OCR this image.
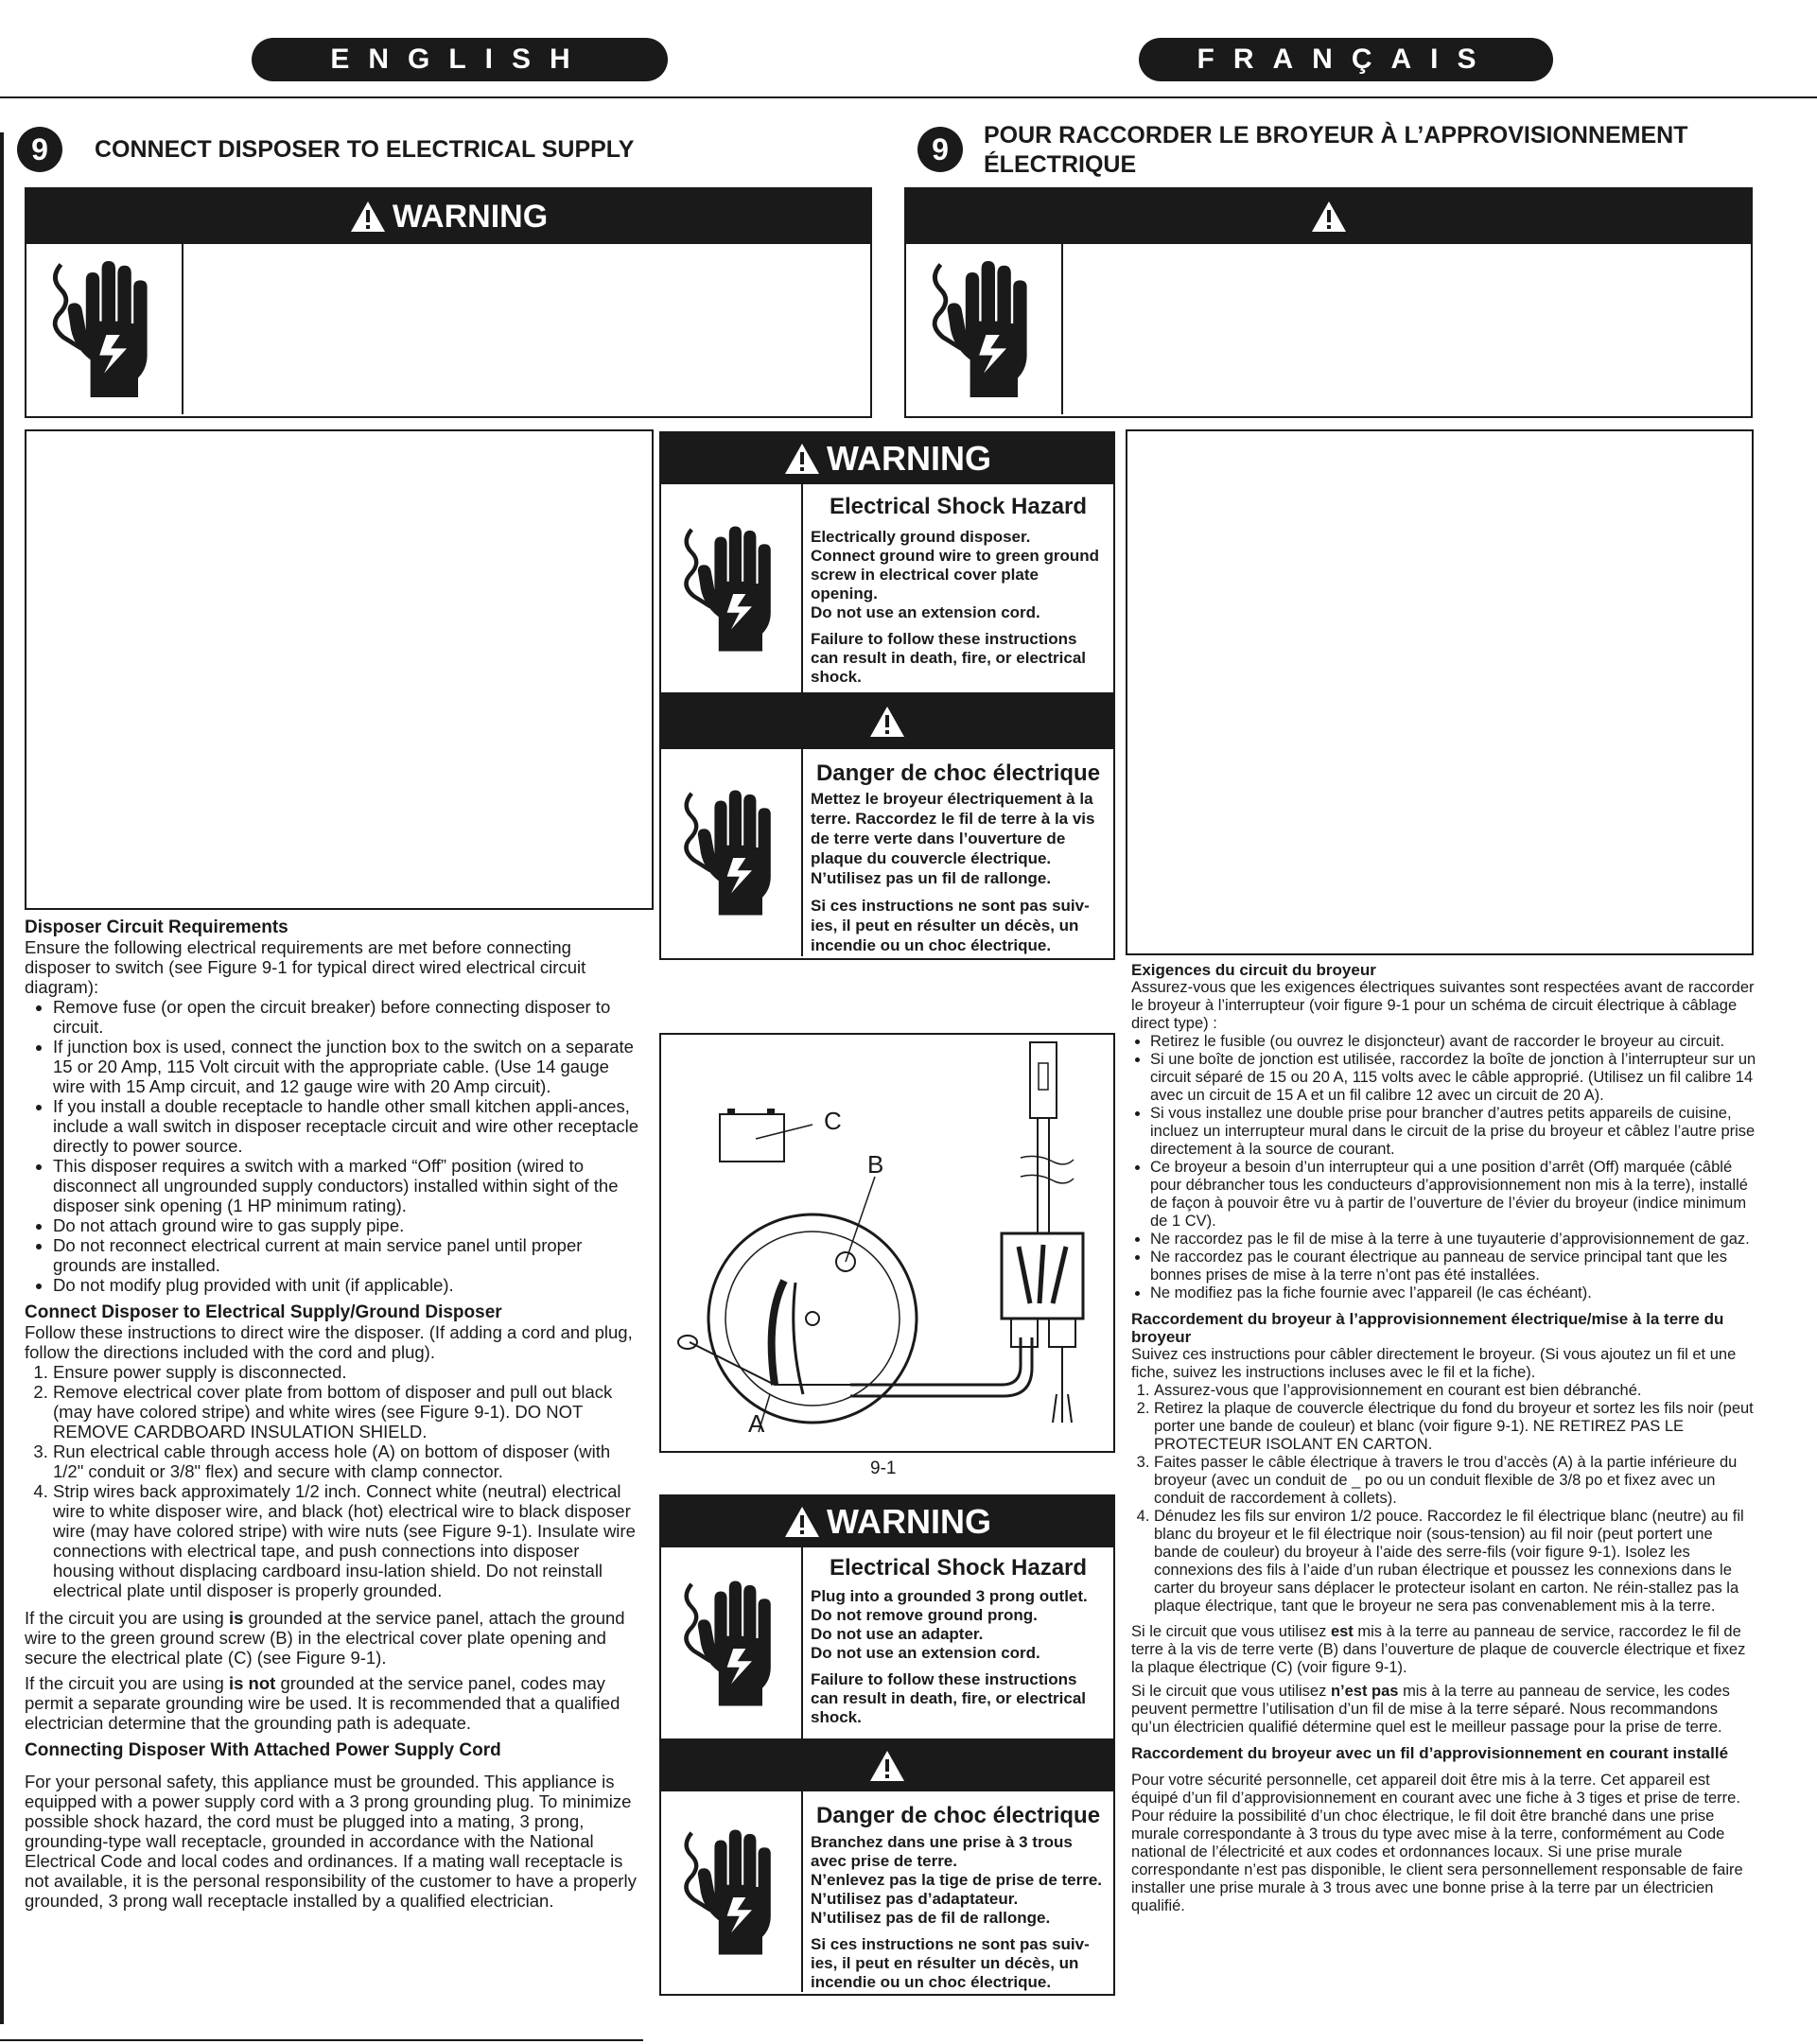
ENGLISH	FRANÇAIS
9 CONNECT DISPOSER TO ELECTRICAL SUPPLY
WARNING
9 POUR RACCORDER LE BROYEUR À L’APPROVISIONNEMENT ÉLECTRIQUE
WARNING
Electrical Shock Hazard
Electrically ground disposer.
Connect ground wire to green ground screw in electrical cover plate opening.
Do not use an extension cord.
Failure to follow these instructions can result in death, fire, or electrical shock.
Danger de choc électrique
Mettez le broyeur électriquement à la terre. Raccordez le fil de terre à la vis de terre verte dans l’ouverture de plaque du couvercle électrique.
N’utilisez pas un fil de rallonge.
Si ces instructions ne sont pas suiv-ies, il peut en résulter un décès, un incendie ou un choc électrique.
C
B
A
9-1
WARNING
Electrical Shock Hazard
Plug into a grounded 3 prong outlet. Do not remove ground prong.
Do not use an adapter.
Do not use an extension cord.
Failure to follow these instructions can result in death, fire, or electrical shock.
Danger de choc électrique
Branchez dans une prise à 3 trous avec prise de terre.
N’enlevez pas la tige de prise de terre.
N’utilisez pas d’adaptateur.
N’utilisez pas de fil de rallonge.
Si ces instructions ne sont pas suiv-ies, il peut en résulter un décès, un incendie ou un choc électrique.
Disposer Circuit Requirements

Ensure the following electrical requirements are met before connecting disposer to switch (see Figure 9-1 for typical direct wired electrical circuit diagram):

• Remove fuse (or open the circuit breaker) before connecting disposer to circuit.
• If junction box is used, connect the junction box to the switch on a separate 15 or 20 Amp, 115 Volt circuit with the appropriate cable. (Use 14 gauge wire with 15 Amp circuit, and 12 gauge wire with 20 Amp circuit).
• If you install a double receptacle to handle other small kitchen appli-ances, include a wall switch in disposer receptacle circuit and wire other receptacle directly to power source.
• This disposer requires a switch with a marked “Off” position (wired to disconnect all ungrounded supply conductors) installed within sight of the disposer sink opening (1 HP minimum rating).
• Do not attach ground wire to gas supply pipe.
• Do not reconnect electrical current at main service panel until proper grounds are installed.
• Do not modify plug provided with unit (if applicable).
Connect Disposer to Electrical Supply/Ground Disposer

Follow these instructions to direct wire the disposer. (If adding a cord and plug, follow the directions included with the cord and plug).

1. Ensure power supply is disconnected.
2. Remove electrical cover plate from bottom of disposer and pull out black (may have colored stripe) and white wires (see Figure 9-1). DO NOT REMOVE CARDBOARD INSULATION SHIELD.
3. Run electrical cable through access hole (A) on bottom of disposer (with 1/2" conduit or 3/8" flex) and secure with clamp connector.
4. Strip wires back approximately 1/2 inch. Connect white (neutral) electrical wire to white disposer wire, and black (hot) electrical wire to black disposer wire (may have colored stripe) with wire nuts (see Figure 9-1). Insulate wire connections with electrical tape, and push connections into disposer housing without displacing cardboard insu-lation shield. Do not reinstall electrical plate until disposer is properly grounded.

If the circuit you are using is grounded at the service panel, attach the ground wire to the green ground screw (B) in the electrical cover plate opening and secure the electrical plate (C) (see Figure 9-1).

If the circuit you are using is not grounded at the service panel, codes may permit a separate grounding wire be used. It is recommended that a qualified electrician determine that the grounding path is adequate.

Connecting Disposer With Attached Power Supply Cord

For your personal safety, this appliance must be grounded. This appliance is equipped with a power supply cord with a 3 prong grounding plug. To minimize possible shock hazard, the cord must be plugged into a mating, 3 prong, grounding-type wall receptacle, grounded in accordance with the National Electrical Code and local codes and ordinances. If a mating wall receptacle is not available, it is the personal responsibility of the customer to have a properly grounded, 3 prong wall receptacle installed by a qualified electrician.

Exigences du circuit du broyeur

Assurez-vous que les exigences électriques suivantes sont respectées avant de raccorder le broyeur à l’interrupteur (voir figure 9-1 pour un schéma de circuit électrique à câblage direct type) :

• Retirez le fusible (ou ouvrez le disjoncteur) avant de raccorder le broyeur au circuit.
• Si une boîte de jonction est utilisée, raccordez la boîte de jonction à l’interrupteur sur un circuit séparé de 15 ou 20 A, 115 volts avec le câble approprié. (Utilisez un fil calibre 14 avec un circuit de 15 A et un fil calibre 12 avec un circuit de 20 A).
• Si vous installez une double prise pour brancher d’autres petits appareils de cuisine, incluez un interrupteur mural dans le circuit de la prise du broyeur et câblez l’autre prise directement à la source de courant.
• Ce broyeur a besoin d’un interrupteur qui a une position d’arrêt (Off) marquée (câblé pour débrancher tous les conducteurs d’approvisionnement non mis à la terre), installé de façon à pouvoir être vu à partir de l’ouverture de l’évier du broyeur (indice minimum de 1 CV).
• Ne raccordez pas le fil de mise à la terre à une tuyauterie d’approvisionnement de gaz.
• Ne raccordez pas le courant électrique au panneau de service principal tant que les bonnes prises de mise à la terre n’ont pas été installées.
• Ne modifiez pas la fiche fournie avec l’appareil (le cas échéant).
Raccordement du broyeur à l’approvisionnement électrique/mise à la terre du broyeur

Suivez ces instructions pour câbler directement le broyeur. (Si vous ajoutez un fil et une fiche, suivez les instructions incluses avec le fil et la fiche).

1. Assurez-vous que l’approvisionnement en courant est bien débranché.
2. Retirez la plaque de couvercle électrique du fond du broyeur et sortez les fils noir (peut porter une bande de couleur) et blanc (voir figure 9-1). NE RETIREZ PAS LE PROTECTEUR ISOLANT EN CARTON.
3. Faites passer le câble électrique à travers le trou d’accès (A) à la partie inférieure du broyeur (avec un conduit de _ po ou un conduit flexible de 3/8 po et fixez avec un conduit de raccordement à collets).
4. Dénudez les fils sur environ 1/2 pouce. Raccordez le fil électrique blanc (neutre) au fil blanc du broyeur et le fil électrique noir (sous-tension) au fil noir (peut portert une bande de couleur) du broyeur à l’aide des serre-fils (voir figure 9-1). Isolez les connexions des fils à l’aide d’un ruban électrique et poussez les connexions dans le carter du broyeur sans déplacer le protecteur isolant en carton. Ne réin-stallez pas la plaque électrique, tant que le broyeur ne sera pas convenablement mis à la terre.

Si le circuit que vous utilisez est mis à la terre au panneau de service, raccordez le fil de terre à la vis de terre verte (B) dans l’ouverture de plaque de couvercle électrique et fixez la plaque électrique (C) (voir figure 9-1).

Si le circuit que vous utilisez n’est pas mis à la terre au panneau de service, les codes peuvent permettre l’utilisation d’un fil de mise à la terre séparé. Nous recommandons qu’un électricien qualifié détermine quel est le meilleur passage pour la prise de terre.

Raccordement du broyeur avec un fil d’approvisionnement en courant installé

Pour votre sécurité personnelle, cet appareil doit être mis à la terre. Cet appareil est équipé d’un fil d’approvisionnement en courant avec une fiche à 3 tiges et prise de terre. Pour réduire la possibilité d’un choc électrique, le fil doit être branché dans une prise murale correspondante à 3 trous du type avec mise à la terre, conformément au Code national de l’électricité et aux codes et ordonnances locaux. Si une prise murale correspondante n’est pas disponible, le client sera personnellement responsable de faire installer une prise murale à 3 trous avec une bonne prise à la terre par un électricien qualifié.
